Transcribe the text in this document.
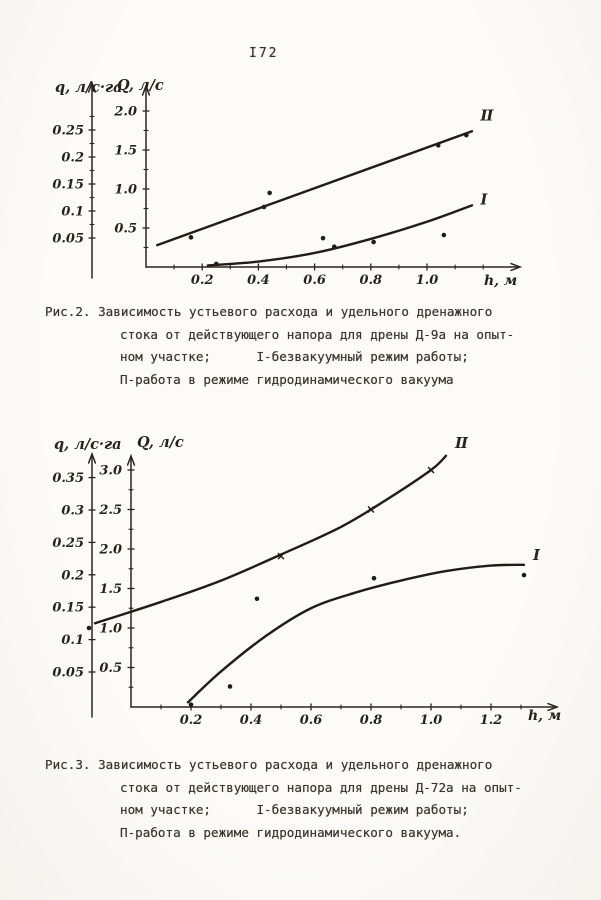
I72
0.2	0.4	0.6	0.8	1.0
0.5
1.0
1.5
2.0
0.05
0.1
0.15
0.2
0.25
q, л/с·га
Q, л/с
h, м
II
I
0.2	0.4	0.6	0.8	1.0	1.2
0.5
1.0
1.5
2.0
2.5
3.0
0.05
0.1
0.15
0.2
0.25
0.3
0.35
q, л/с·га Q, л/с
h, м
II
I
Рис.2. Зависимость устьевого расхода и удельного дренажного
стока от действующего напора для дрены Д-9а на опыт-
ном участке;      I-безвакуумный режим работы;
П-работа в режиме гидродинамического вакуума
Рис.3. Зависимость устьевого расхода и удельного дренажного
стока от действующего напора для дрены Д-72а на опыт-
ном участке;      I-безвакуумный режим работы;
П-работа в режиме гидродинамического вакуума.
